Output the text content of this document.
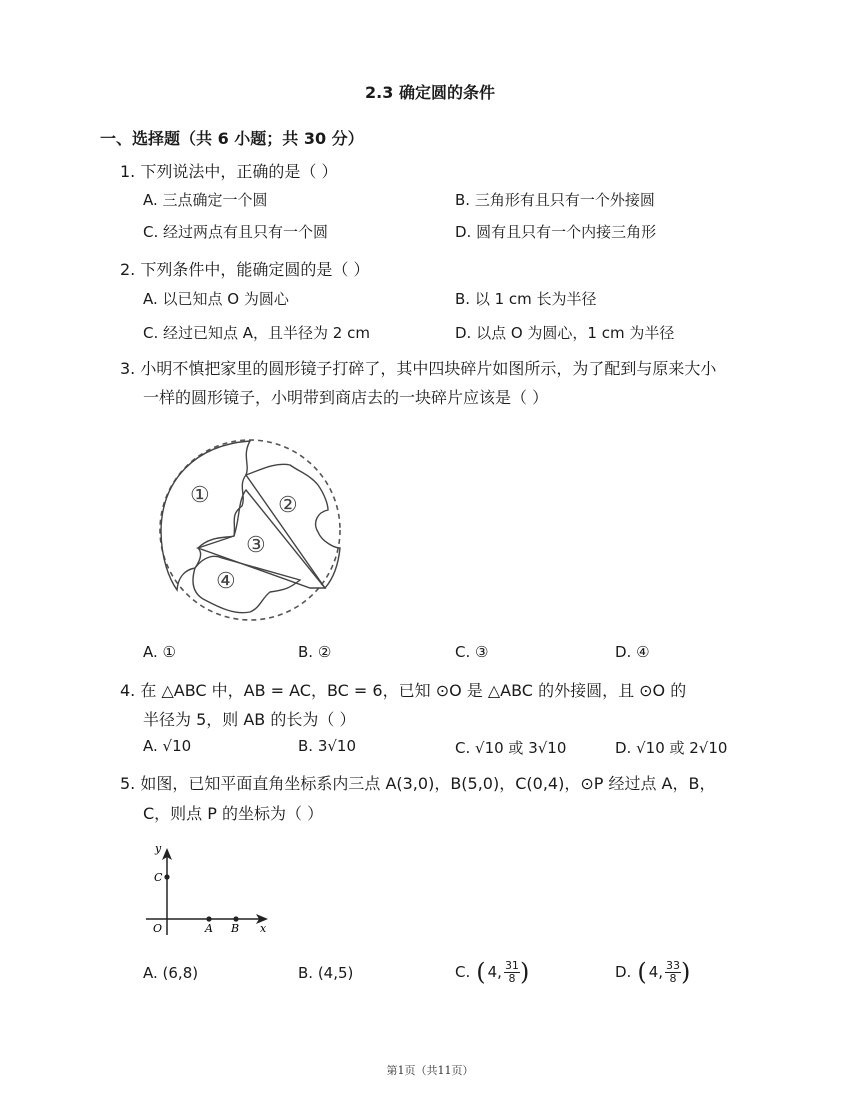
2.3 确定圆的条件
一、选择题（共 6 小题；共 30 分）
1. 下列说法中，正确的是（ ）
A. 三点确定一个圆	B. 三角形有且只有一个外接圆
C. 经过两点有且只有一个圆	D. 圆有且只有一个内接三角形
2. 下列条件中，能确定圆的是（ ）
A. 以已知点 O 为圆心	B. 以 1 cm 长为半径
C. 经过已知点 A，且半径为 2 cm	D. 以点 O 为圆心，1 cm 为半径
3. 小明不慎把家里的圆形镜子打碎了，其中四块碎片如图所示，为了配到与原来大小
一样的圆形镜子，小明带到商店去的一块碎片应该是（ ）
①	②
③
④
A. ①	B. ②	C. ③	D. ④
4. 在 △ABC 中，AB = AC，BC = 6，已知 ⊙O 是 △ABC 的外接圆，且 ⊙O 的
半径为 5，则 AB 的长为（ ）
A. √10	B. 3√10	C. √10 或 3√10	D. √10 或 2√10
5. 如图，已知平面直角坐标系内三点 A(3,0)，B(5,0)，C(0,4)，⊙P 经过点 A，B，
C，则点 P 的坐标为（ ）
y
x
O
C
A B
A. (6,8)	B. (4,5)	C. ( 4, $\frac{31}{8}$ )	D. ( 4, $\frac{33}{8}$ )
第1页（共11页）
